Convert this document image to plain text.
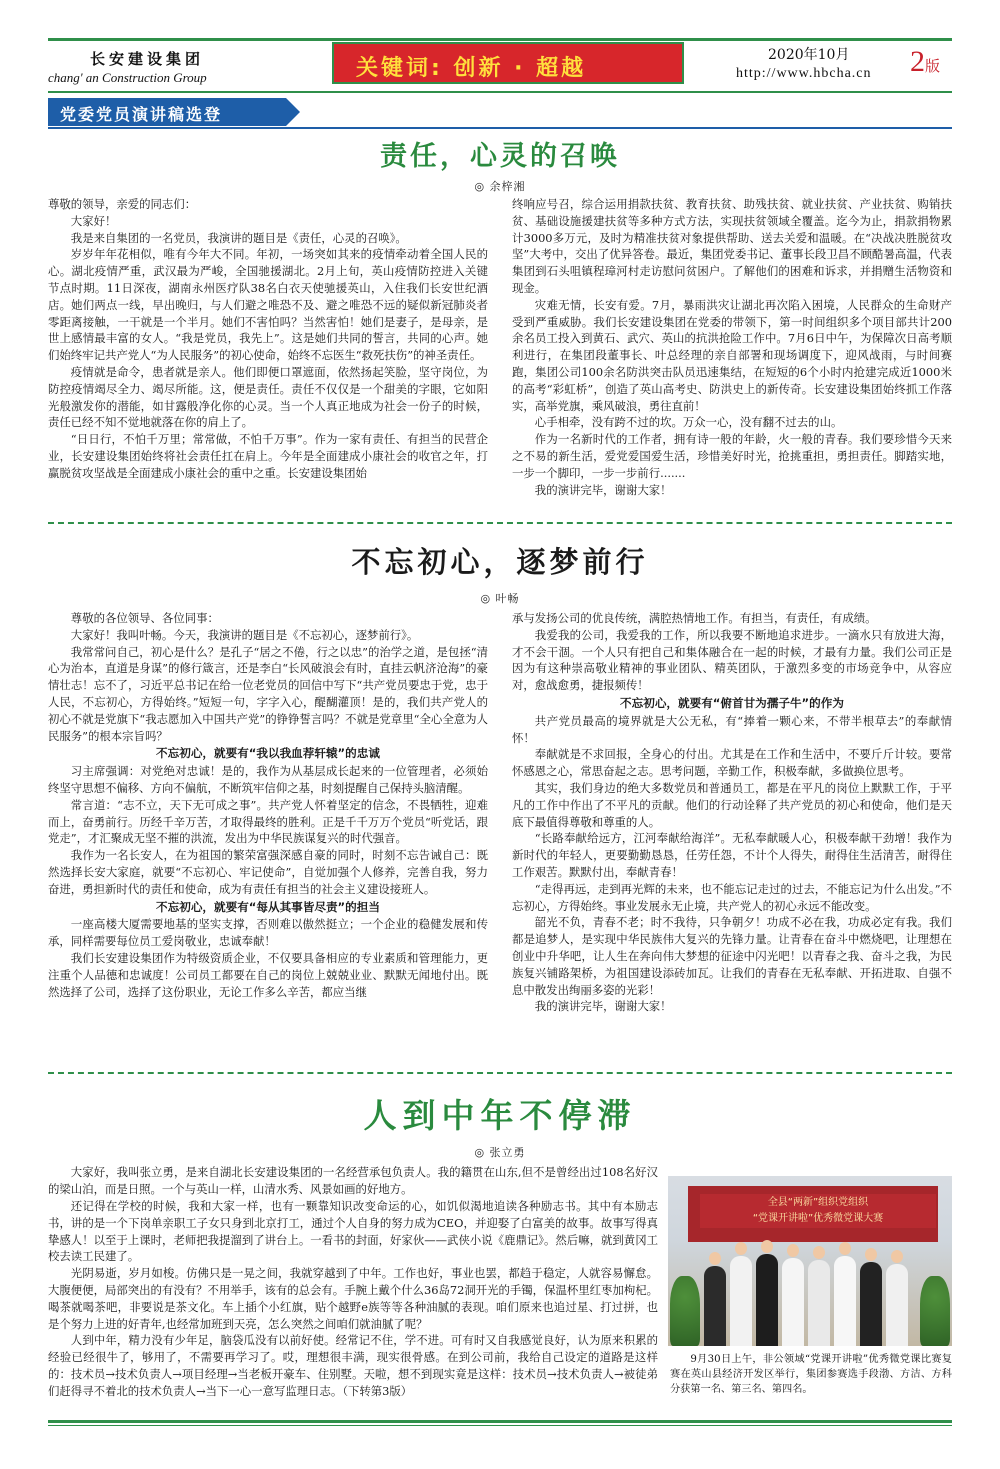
长安建设集团
chang' an Construction Group	关键词: 创新 · 超越
2020年10月
http://www.hbcha.cn 2版
党委党员演讲稿选登
责任，心灵的召唤
◎ 余梓湘

尊敬的领导，亲爱的同志们：

大家好！

我是来自集团的一名党员，我演讲的题目是《责任，心灵的召唤》。

岁岁年年花相似，唯有今年大不同。年初，一场突如其来的疫情牵动着全国人民的心。湖北疫情严重，武汉最为严峻，全国驰援湖北。2月上旬，英山疫情防控进入关键节点时期。11日深夜，湖南永州医疗队38名白衣天使驰援英山，入住我们长安世纪酒店。她们两点一线，早出晚归，与人们避之唯恐不及、避之唯恐不远的疑似新冠肺炎者零距离接触，一干就是一个半月。她们不害怕吗？当然害怕！她们是妻子，是母亲，是世上感情最丰富的女人。“我是党员，我先上”。这是她们共同的誓言，共同的心声。她们始终牢记共产党人“为人民服务”的初心使命，始终不忘医生“救死扶伤”的神圣责任。

疫情就是命令，患者就是亲人。他们即便口罩遮面，依然扬起笑脸，坚守岗位，为防控疫情竭尽全力、竭尽所能。这，便是责任。责任不仅仅是一个甜美的字眼，它如阳光般激发你的潜能，如甘露般净化你的心灵。当一个人真正地成为社会一份子的时候，责任已经不知不觉地就落在你的肩上了。

“日日行，不怕千万里；常常做，不怕千万事”。作为一家有责任、有担当的民营企业，长安建设集团始终将社会责任扛在肩上。今年是全面建成小康社会的收官之年，打赢脱贫攻坚战是全面建成小康社会的重中之重。长安建设集团始

终响应号召，综合运用捐款扶贫、教育扶贫、助残扶贫、就业扶贫、产业扶贫、购销扶贫、基础设施援建扶贫等多种方式方法，实现扶贫领域全覆盖。迄今为止，捐款捐物累计3000多万元，及时为精准扶贫对象提供帮助、送去关爱和温暖。在“决战决胜脱贫攻坚”大考中，交出了优异答卷。最近，集团党委书记、董事长段卫昌不顾酷暑高温，代表集团到石头咀镇程璋河村走访慰问贫困户。了解他们的困难和诉求，并捐赠生活物资和现金。

灾难无情，长安有爱。7月，暴雨洪灾让湖北再次陷入困境，人民群众的生命财产受到严重威胁。我们长安建设集团在党委的带领下，第一时间组织多个项目部共计200余名员工投入到黄石、武穴、英山的抗洪抢险工作中。7月6日中午，为保障次日高考顺利进行，在集团段董事长、叶总经理的亲自部署和现场调度下，迎风战雨，与时间赛跑，集团公司100余名防洪突击队员迅速集结，在短短的6个小时内抢建完成近1000米的高考“彩虹桥”，创造了英山高考史、防洪史上的新传奇。长安建设集团始终抓工作落实，高举党旗，乘风破浪，勇往直前！

心手相牵，没有跨不过的坎。万众一心，没有翻不过去的山。

作为一名新时代的工作者，拥有诗一般的年龄，火一般的青春。我们要珍惜今天来之不易的新生活，爱党爱国爱生活，珍惜美好时光，抢挑重担，勇担责任。脚踏实地，一步一个脚印，一步一步前行.......

我的演讲完毕，谢谢大家！

不忘初心，逐梦前行
◎ 叶畅

尊敬的各位领导、各位同事：

大家好！我叫叶畅。今天，我演讲的题目是《不忘初心，逐梦前行》。

我常常问自己，初心是什么？是孔子“居之不倦，行之以忠”的治学之道，是包拯“清心为治本，直道是身谋”的修行箴言，还是李白“长风破浪会有时，直挂云帆济沧海”的豪情壮志！忘不了，习近平总书记在给一位老党员的回信中写下“共产党员要忠于党，忠于人民，不忘初心，方得始终。”短短一句，字字入心，醍醐灌顶！是的，我们共产党人的初心不就是党旗下“我志愿加入中国共产党”的铮铮誓言吗？不就是党章里“全心全意为人民服务”的根本宗旨吗？

不忘初心，就要有“我以我血荐轩辕”的忠诚

习主席强调：对党绝对忠诚！是的，我作为从基层成长起来的一位管理者，必须始终坚守思想不偏移、方向不偏航，不断筑牢信仰之基，时刻提醒自己保持头脑清醒。

常言道：“志不立，天下无可成之事”。共产党人怀着坚定的信念，不畏牺牲，迎难而上，奋勇前行。历经千辛万苦，才取得最终的胜利。正是千千万万个党员“听党话，跟党走”，才汇聚成无坚不摧的洪流，发出为中华民族谋复兴的时代强音。

我作为一名长安人，在为祖国的繁荣富强深感自豪的同时，时刻不忘告诫自己：既然选择长安大家庭，就要“不忘初心、牢记使命”，自觉加强个人修养，完善自我，努力奋进，勇担新时代的责任和使命，成为有责任有担当的社会主义建设接班人。

不忘初心，就要有“每从其事皆尽责”的担当

一座高楼大厦需要地基的坚实支撑，否则难以傲然挺立；一个企业的稳健发展和传承，同样需要每位员工爱岗敬业，忠诚奉献！

我们长安建设集团作为特级资质企业，不仅要具备相应的专业素质和管理能力，更注重个人品德和忠诚度！公司员工都要在自己的岗位上兢兢业业、默默无闻地付出。既然选择了公司，选择了这份职业，无论工作多么辛苦，都应当继

承与发扬公司的优良传统，满腔热情地工作。有担当，有责任，有成绩。

我爱我的公司，我爱我的工作，所以我要不断地追求进步。一滴水只有放进大海，才不会干涸。一个人只有把自己和集体融合在一起的时候，才最有力量。我们公司正是因为有这种崇高敬业精神的事业团队、精英团队，于激烈多变的市场竞争中，从容应对，愈战愈勇，捷报频传！

不忘初心，就要有“俯首甘为孺子牛”的作为

共产党员最高的境界就是大公无私，有“捧着一颗心来，不带半根草去”的奉献情怀！

奉献就是不求回报，全身心的付出。尤其是在工作和生活中，不要斤斤计较。要常怀感恩之心，常思奋起之志。思考问题，辛勤工作，积极奉献，多做换位思考。

其实，我们身边的绝大多数党员和普通员工，都是在平凡的岗位上默默工作，于平凡的工作中作出了不平凡的贡献。他们的行动诠释了共产党员的初心和使命，他们是天底下最值得尊敬和尊重的人。

“长路奉献给远方，江河奉献给海洋”。无私奉献暖人心，积极奉献干劲增！我作为新时代的年轻人，更要勤勤恳恳，任劳任怨，不计个人得失，耐得住生活清苦，耐得住工作艰苦。默默付出，奉献青春！

“走得再远，走到再光辉的未来，也不能忘记走过的过去，不能忘记为什么出发。”不忘初心，方得始终。事业发展永无止境，共产党人的初心永远不能改变。

韶光不负，青春不老；时不我待，只争朝夕！功成不必在我，功成必定有我。我们都是追梦人，是实现中华民族伟大复兴的先锋力量。让青春在奋斗中燃烧吧，让理想在创业中升华吧，让人生在奔向伟大梦想的征途中闪光吧！以青春之我、奋斗之我，为民族复兴铺路架桥，为祖国建设添砖加瓦。让我们的青春在无私奉献、开拓进取、自强不息中散发出绚丽多姿的光彩！

我的演讲完毕，谢谢大家！

人到中年不停滞
◎ 张立勇

大家好，我叫张立勇，是来自湖北长安建设集团的一名经营承包负责人。我的籍贯在山东,但不是曾经出过108名好汉的梁山泊，而是日照。一个与英山一样，山清水秀、风景如画的好地方。

还记得在学校的时候，我和大家一样，也有一颗靠知识改变命运的心，如饥似渴地追读各种励志书。其中有本励志书，讲的是一个下岗单亲职工子女只身到北京打工，通过个人自身的努力成为CEO，并迎娶了白富美的故事。故事写得真挚感人！以至于上课时，老师把我提溜到了讲台上。一看书的封面，好家伙——武侠小说《鹿鼎记》。然后嘛，就到黄冈工校去读工民建了。

光阴易逝，岁月如梭。仿佛只是一晃之间，我就穿越到了中年。工作也好，事业也罢，都趋于稳定，人就容易懈怠。大腹便便，局部突出的有没有？不用举手，该有的总会有。手腕上戴个什么36岛72洞开光的手镯，保温杯里红枣加枸杞。喝茶就喝茶吧，非要说是茶文化。车上插个小红旗，贴个越野e族等等各种油腻的表现。咱们原来也追过星、打过拼，也是个努力上进的好青年,也经常加班到天亮，怎么突然之间咱们就油腻了呢？

人到中年，精力没有少年足，脑袋瓜没有以前好使。经常记不住，学不进。可有时又自我感觉良好，认为原来积累的经验已经很牛了，够用了，不需要再学习了。哎，理想很丰满，现实很骨感。在到公司前，我给自己设定的道路是这样的：技术员→技术负责人→项目经理→当老板开豪车、住别墅。天啦，想不到现实竟是这样：技术员→技术负责人→被徒弟们赶得寻不着北的技术负责人→当下一心一意写监理日志。（下转第3版）

全县“两新”组织党组织
“党课开讲啦”优秀微党课大赛

9月30日上午，非公领域“党课开讲啦”优秀微党课比赛复赛在英山县经济开发区举行，集团参赛选手段渤、方洁、方科分获第一名、第三名、第四名。
